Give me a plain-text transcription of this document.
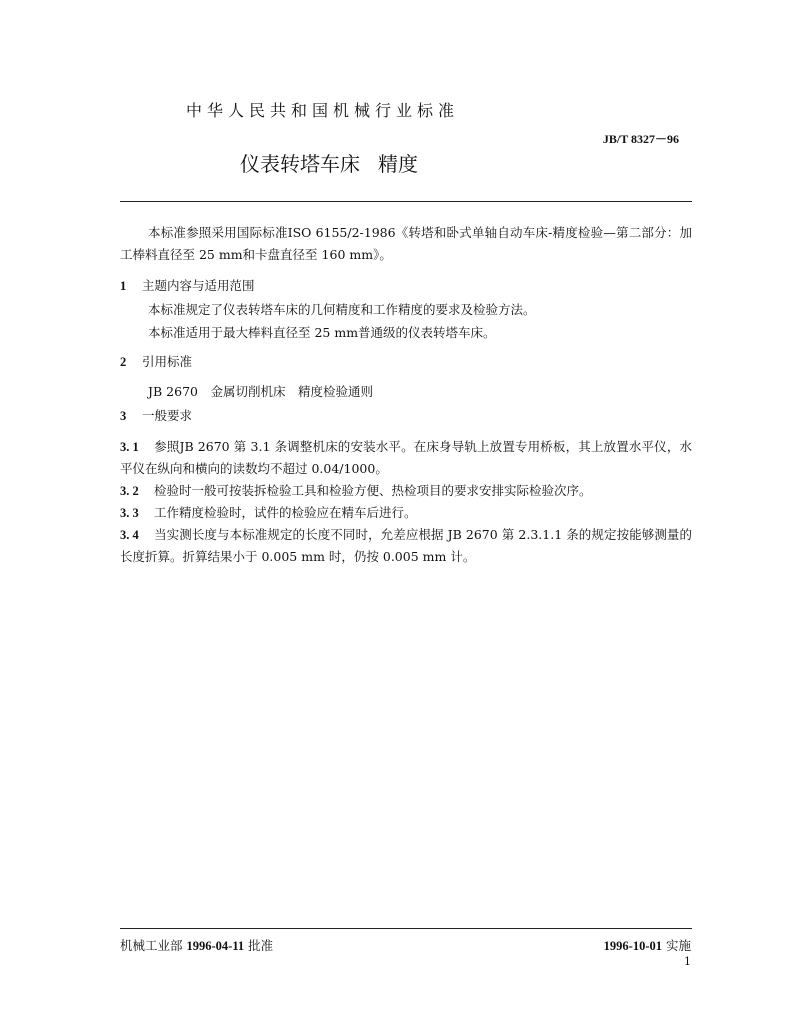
中华人民共和国机械行业标准
JB/T 8327－96
仪表转塔车床 精度
本标准参照采用国际标准ISO 6155/2-1986《转塔和卧式单轴自动车床-精度检验—第二部分：加工棒料直径至 25 mm和卡盘直径至 160 mm》。
1 主题内容与适用范围
本标准规定了仪表转塔车床的几何精度和工作精度的要求及检验方法。
本标准适用于最大棒料直径至 25 mm普通级的仪表转塔车床。
2 引用标准
JB 2670　金属切削机床　精度检验通则
3 一般要求
3. 1 参照JB 2670 第 3.1 条调整机床的安装水平。在床身导轨上放置专用桥板，其上放置水平仪，水平仪在纵向和横向的读数均不超过 0.04/1000。
3. 2 检验时一般可按装拆检验工具和检验方便、热检项目的要求安排实际检验次序。
3. 3 工作精度检验时，试件的检验应在精车后进行。
3. 4 当实测长度与本标准规定的长度不同时，允差应根据 JB 2670 第 2.3.1.1 条的规定按能够测量的长度折算。折算结果小于 0.005 mm 时，仍按 0.005 mm 计。
机械工业部 1996-04-11 批准	1996-10-01 实施
1
